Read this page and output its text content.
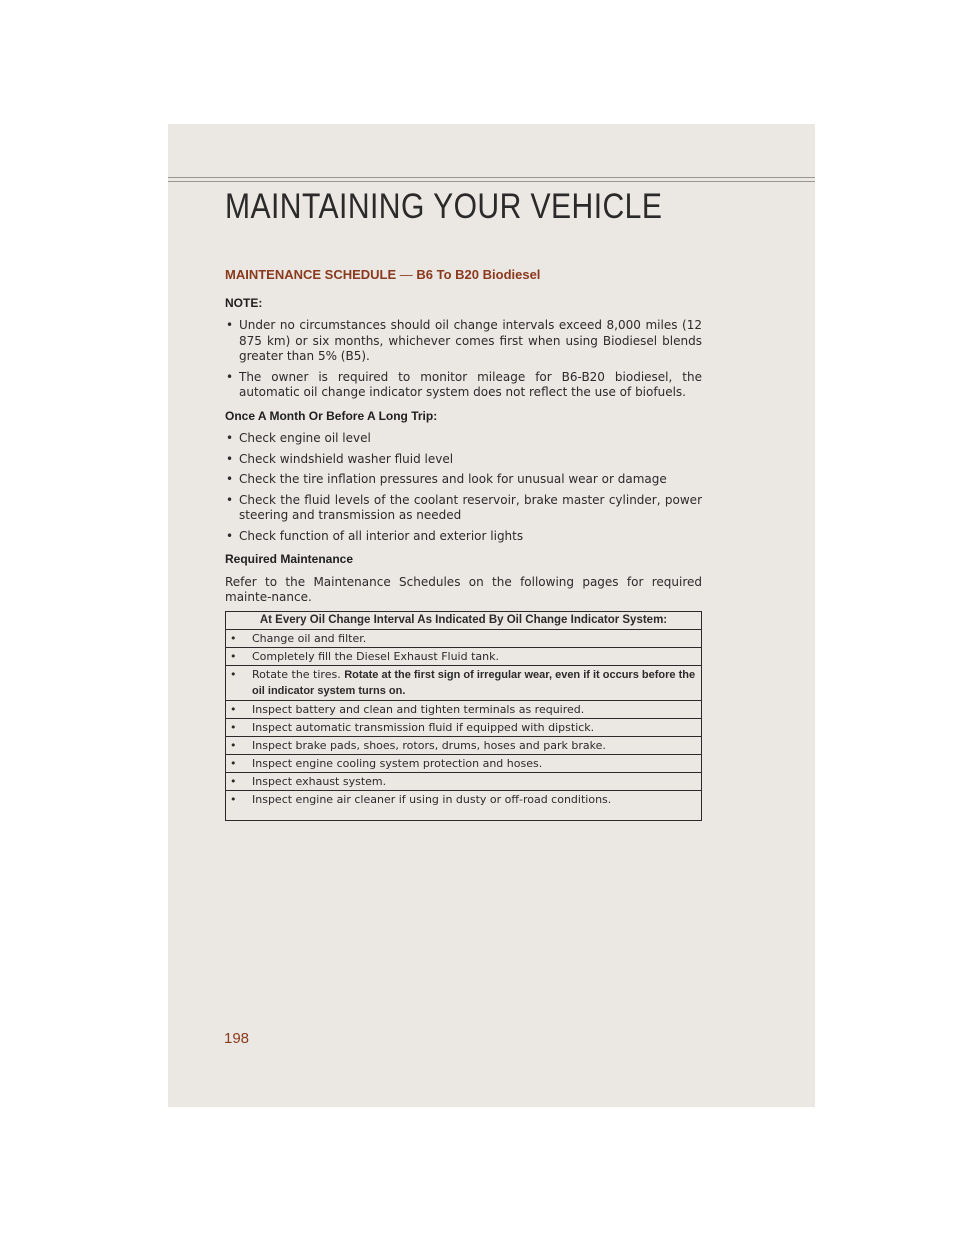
MAINTAINING YOUR VEHICLE
MAINTENANCE SCHEDULE — B6 To B20 Biodiesel
NOTE:
• Under no circumstances should oil change intervals exceed 8,000 miles (12 875 km) or six months, whichever comes first when using Biodiesel blends greater than 5% (B5).
• The owner is required to monitor mileage for B6-B20 biodiesel, the automatic oil change indicator system does not reflect the use of biofuels.
Once A Month Or Before A Long Trip:
• Check engine oil level
• Check windshield washer fluid level
• Check the tire inflation pressures and look for unusual wear or damage
• Check the fluid levels of the coolant reservoir, brake master cylinder, power steering and transmission as needed
• Check function of all interior and exterior lights
Required Maintenance

Refer to the Maintenance Schedules on the following pages for required mainte-nance.

At Every Oil Change Interval As Indicated By Oil Change Indicator System:	
•	Change oil and filter.
•	Completely fill the Diesel Exhaust Fluid tank.
•	Rotate the tires. Rotate at the first sign of irregular wear, even if it occurs before the oil indicator system turns on.
•	Inspect battery and clean and tighten terminals as required.
•	Inspect automatic transmission fluid if equipped with dipstick.
•	Inspect brake pads, shoes, rotors, drums, hoses and park brake.
•	Inspect engine cooling system protection and hoses.
•	Inspect exhaust system.
•	Inspect engine air cleaner if using in dusty or off-road conditions.
198
